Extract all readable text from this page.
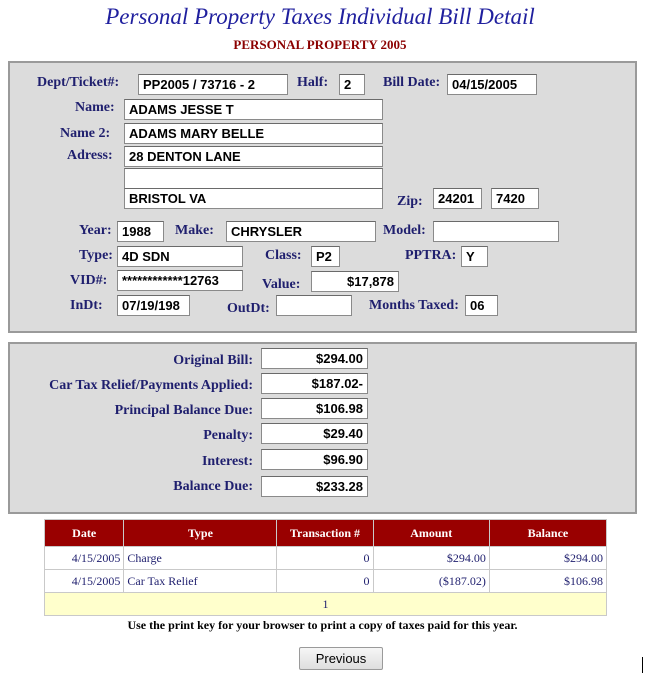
Personal Property Taxes Individual Bill Detail
PERSONAL PROPERTY 2005
Dept/Ticket#:	PP2005 / 73716 - 2	Half:	2	Bill Date: 04/15/2005
Name:	ADAMS JESSE T
Name 2:	ADAMS MARY BELLE
Adress:	28 DENTON LANE
BRISTOL VA	Zip:	24201	7420
Year: 1988	Make:	CHRYSLER	Model:
Type: 4D SDN	Class:	P2	PPTRA: Y
VID#:	************12763	Value:	$17,878
InDt:	07/19/198	OutDt:	Months Taxed: 06
Original Bill:	$294.00
Car Tax Relief/Payments Applied:	$187.02-
Principal Balance Due:	$106.98
Penalty:	$29.40
Interest:	$96.90
Balance Due:	$233.28
Date	Type	Transaction #	Amount	Balance
4/15/2005	Charge	0	$294.00	$294.00
4/15/2005	Car Tax Relief	0	($187.02)	$106.98
1				
Use the print key for your browser to print a copy of taxes paid for this year.
Previous
